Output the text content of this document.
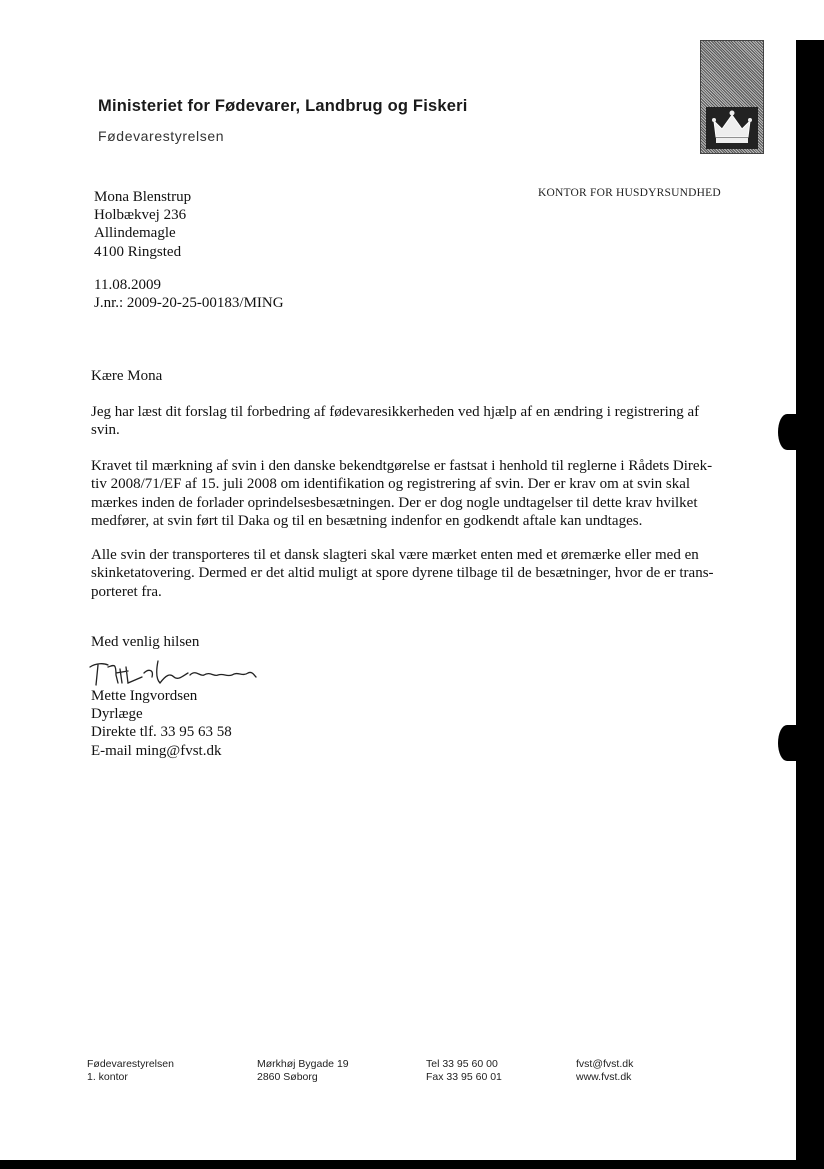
Ministeriet for Fødevarer, Landbrug og Fiskeri
Fødevarestyrelsen
KONTOR FOR HUSDYRSUNDHED
Mona Blenstrup
Holbækvej 236
Allindemagle
4100 Ringsted
11.08.2009
J.nr.: 2009-20-25-00183/MING
Kære Mona
Jeg har læst dit forslag til forbedring af fødevaresikkerheden ved hjælp af en ændring i registrering af
svin.
Kravet til mærkning af svin i den danske bekendtgørelse er fastsat i henhold til reglerne i Rådets Direk-
tiv 2008/71/EF af 15. juli 2008 om identifikation og registrering af svin. Der er krav om at svin skal
mærkes inden de forlader oprindelsesbesætningen. Der er dog nogle undtagelser til dette krav hvilket
medfører, at svin ført til Daka og til en besætning indenfor en godkendt aftale kan undtages.
Alle svin der transporteres til et dansk slagteri skal være mærket enten med et øremærke eller med en
skinketatovering. Dermed er det altid muligt at spore dyrene tilbage til de besætninger, hvor de er trans-
porteret fra.
Med venlig hilsen
Mette Ingvordsen
Dyrlæge
Direkte tlf. 33 95 63 58
E-mail ming@fvst.dk
Fødevarestyrelsen
1. kontor
Mørkhøj Bygade 19
2860 Søborg
Tel 33 95 60 00
Fax 33 95 60 01
fvst@fvst.dk
www.fvst.dk
